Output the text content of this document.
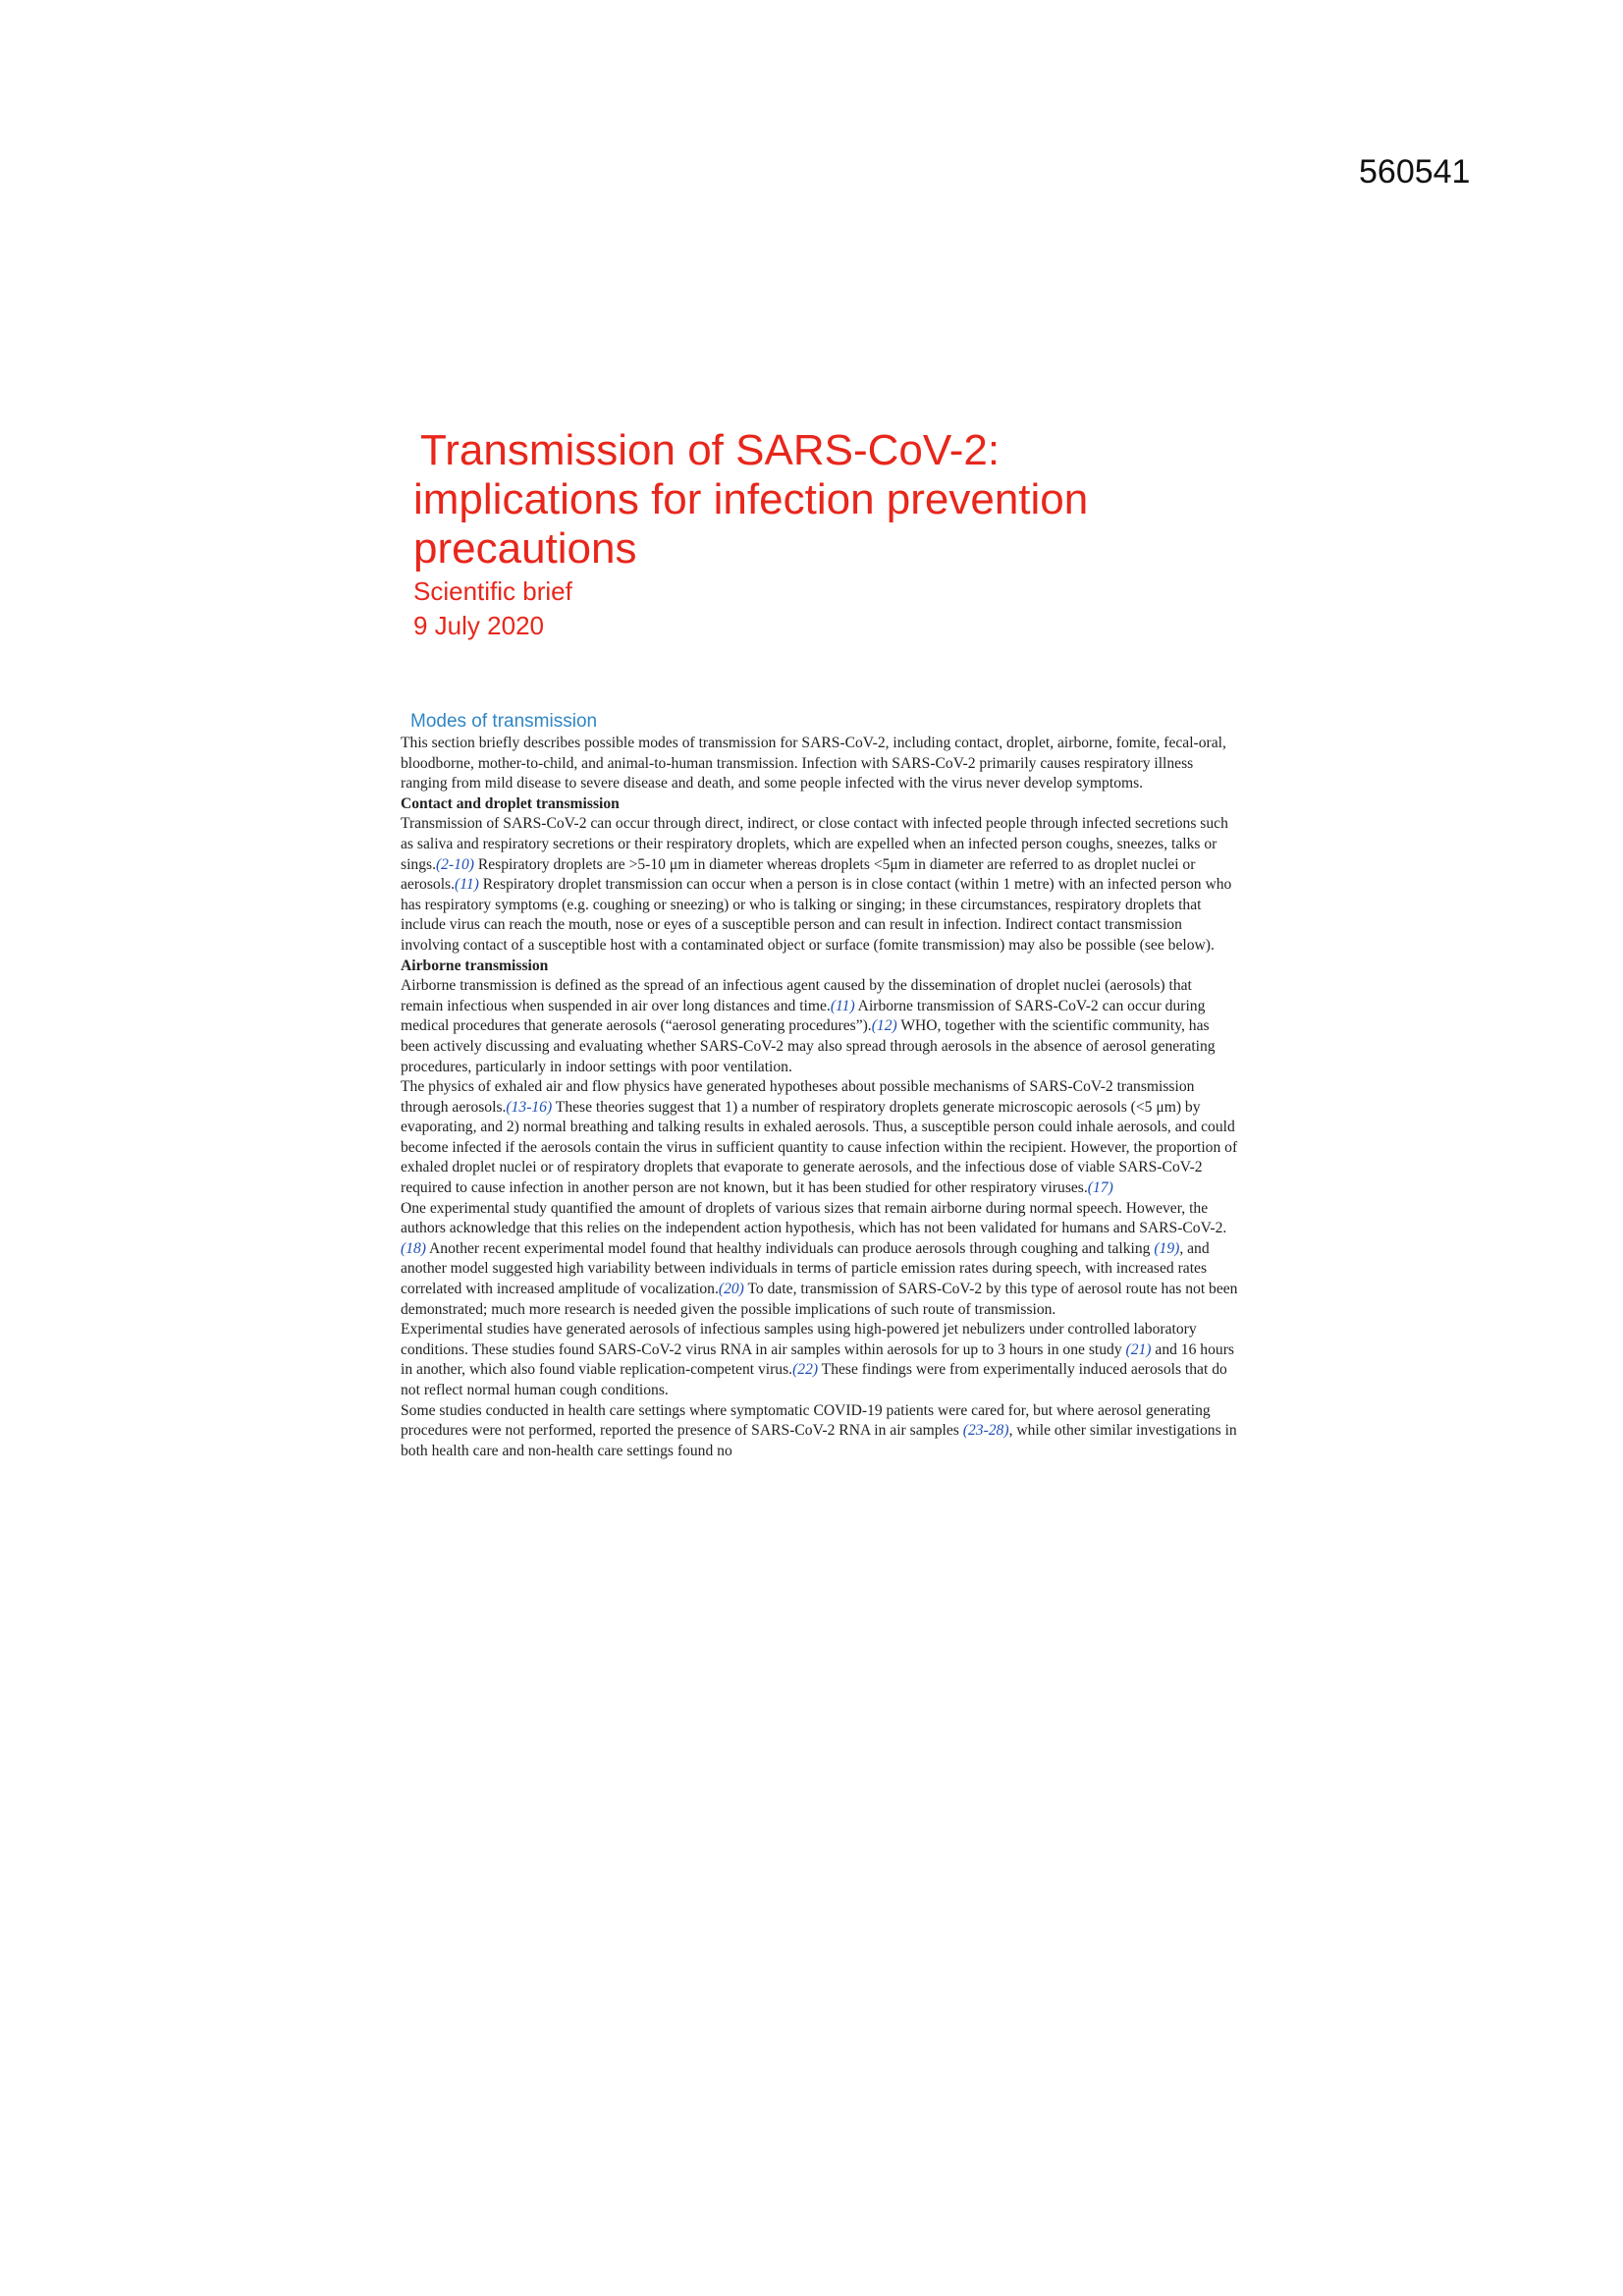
560541

Transmission of SARS-CoV-2:
implications for infection prevention
precautions

Scientific brief

9 July 2020

Modes of transmission

This section briefly describes possible modes of transmission for SARS-CoV-2, including contact, droplet, airborne, fomite, fecal-oral, bloodborne, mother-to-child, and animal-to-human transmission. Infection with SARS-CoV-2 primarily causes respiratory illness ranging from mild disease to severe disease and death, and some people infected with the virus never develop symptoms.

Contact and droplet transmission

Transmission of SARS-CoV-2 can occur through direct, indirect, or close contact with infected people through infected secretions such as saliva and respiratory secretions or their respiratory droplets, which are expelled when an infected person coughs, sneezes, talks or sings.(2-10) Respiratory droplets are >5-10 μm in diameter whereas droplets <5μm in diameter are referred to as droplet nuclei or aerosols.(11) Respiratory droplet transmission can occur when a person is in close contact (within 1 metre) with an infected person who has respiratory symptoms (e.g. coughing or sneezing) or who is talking or singing; in these circumstances, respiratory droplets that include virus can reach the mouth, nose or eyes of a susceptible person and can result in infection. Indirect contact transmission involving contact of a susceptible host with a contaminated object or surface (fomite transmission) may also be possible (see below).

Airborne transmission

Airborne transmission is defined as the spread of an infectious agent caused by the dissemination of droplet nuclei (aerosols) that remain infectious when suspended in air over long distances and time.(11) Airborne transmission of SARS-CoV-2 can occur during medical procedures that generate aerosols (“aerosol generating procedures”).(12) WHO, together with the scientific community, has been actively discussing and evaluating whether SARS-CoV-2 may also spread through aerosols in the absence of aerosol generating procedures, particularly in indoor settings with poor ventilation.

The physics of exhaled air and flow physics have generated hypotheses about possible mechanisms of SARS-CoV-2 transmission through aerosols.(13-16) These theories suggest that 1) a number of respiratory droplets generate microscopic aerosols (<5 μm) by evaporating, and 2) normal breathing and talking results in exhaled aerosols. Thus, a susceptible person could inhale aerosols, and could become infected if the aerosols contain the virus in sufficient quantity to cause infection within the recipient. However, the proportion of exhaled droplet nuclei or of respiratory droplets that evaporate to generate aerosols, and the infectious dose of viable SARS-CoV-2 required to cause infection in another person are not known, but it has been studied for other respiratory viruses.(17)

One experimental study quantified the amount of droplets of various sizes that remain airborne during normal speech. However, the authors acknowledge that this relies on the independent action hypothesis, which has not been validated for humans and SARS-CoV-2.(18) Another recent experimental model found that healthy individuals can produce aerosols through coughing and talking (19), and another model suggested high variability between individuals in terms of particle emission rates during speech, with increased rates correlated with increased amplitude of vocalization.(20) To date, transmission of SARS-CoV-2 by this type of aerosol route has not been demonstrated; much more research is needed given the possible implications of such route of transmission.

Experimental studies have generated aerosols of infectious samples using high-powered jet nebulizers under controlled laboratory conditions. These studies found SARS-CoV-2 virus RNA in air samples within aerosols for up to 3 hours in one study (21) and 16 hours in another, which also found viable replication-competent virus.(22) These findings were from experimentally induced aerosols that do not reflect normal human cough conditions.

Some studies conducted in health care settings where symptomatic COVID-19 patients were cared for, but where aerosol generating procedures were not performed, reported the presence of SARS-CoV-2 RNA in air samples (23-28), while other similar investigations in both health care and non-health care settings found no
